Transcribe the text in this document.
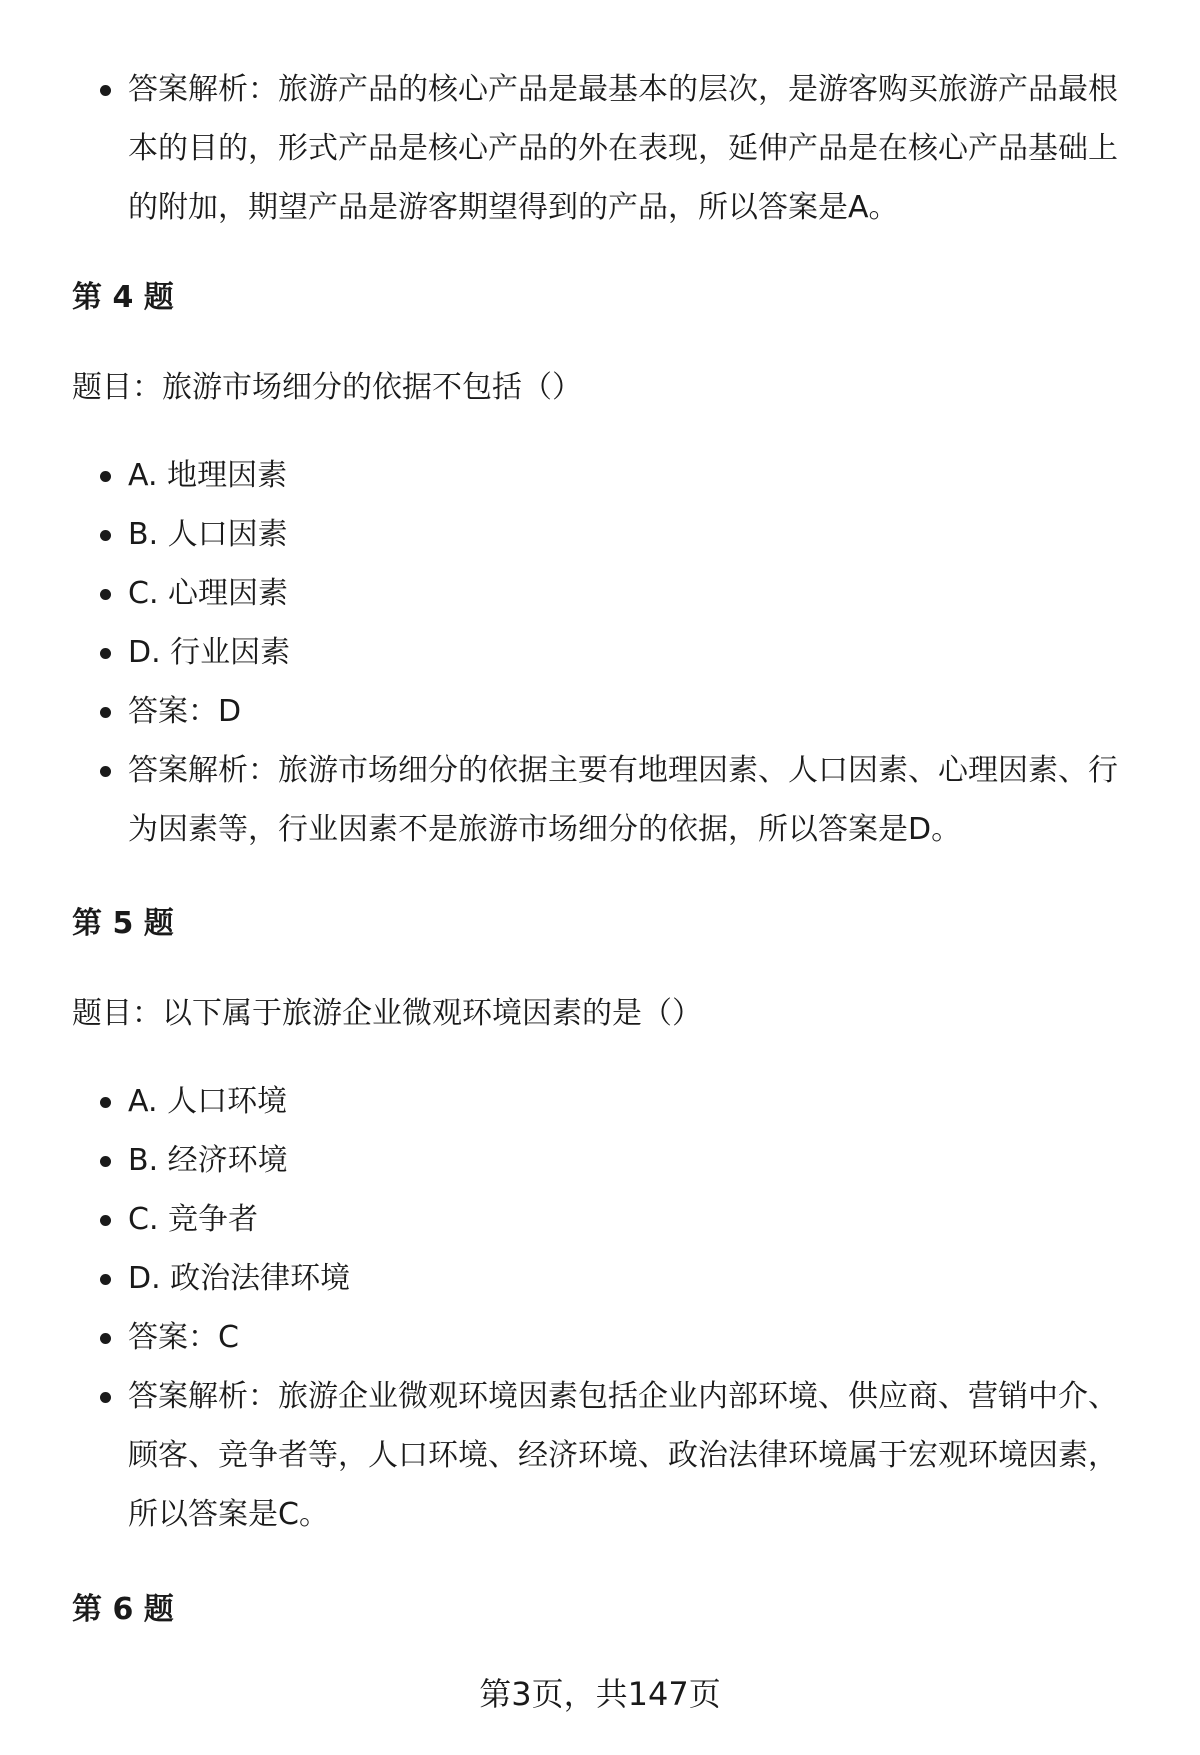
答案解析：旅游产品的核心产品是最基本的层次，是游客购买旅游产品最根本的目的，形式产品是核心产品的外在表现，延伸产品是在核心产品基础上的附加，期望产品是游客期望得到的产品，所以答案是A。
第 4 题
题目：旅游市场细分的依据不包括（）
A. 地理因素
B. 人口因素
C. 心理因素
D. 行业因素
答案：D
答案解析：旅游市场细分的依据主要有地理因素、人口因素、心理因素、行为因素等，行业因素不是旅游市场细分的依据，所以答案是D。
第 5 题
题目：以下属于旅游企业微观环境因素的是（）
A. 人口环境
B. 经济环境
C. 竞争者
D. 政治法律环境
答案：C
答案解析：旅游企业微观环境因素包括企业内部环境、供应商、营销中介、顾客、竞争者等，人口环境、经济环境、政治法律环境属于宏观环境因素，所以答案是C。
第 6 题
第3页，共147页
